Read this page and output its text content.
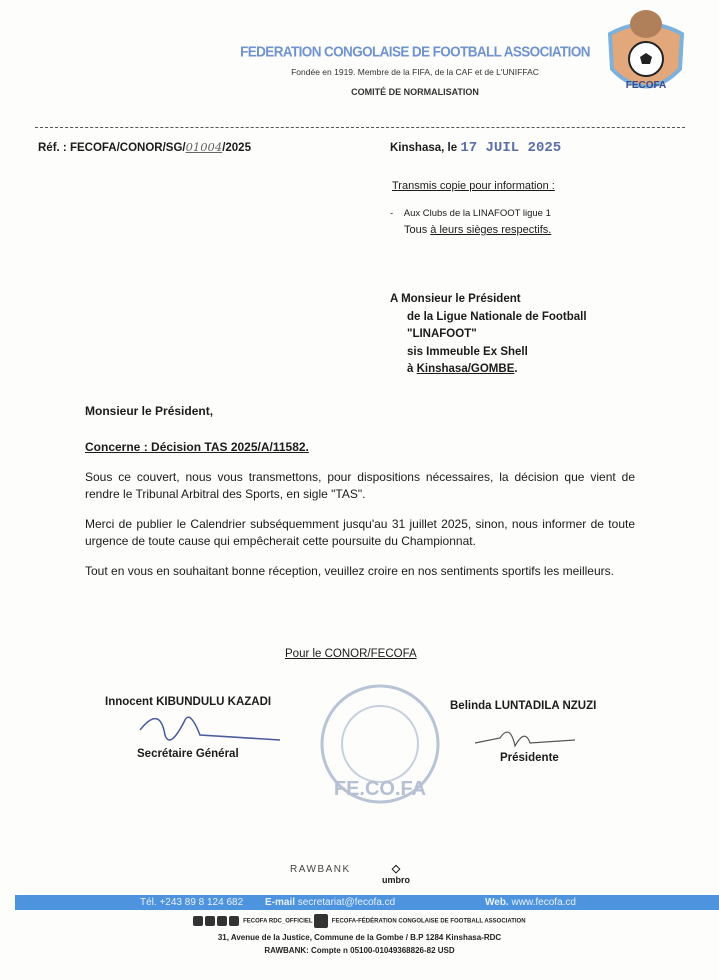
FEDERATION CONGOLAISE DE FOOTBALL ASSOCIATION
Fondée en 1919. Membre de la FIFA, de la CAF et de L'UNIFFAC
COMITÉ DE NORMALISATION
FECOFA
Réf. : FECOFA/CONOR/SG/01004/2025	Kinshasa, le 17 JUIL 2025
Transmis copie pour information :
-    Aux Clubs de la LINAFOOT ligue 1
Tous à leurs sièges respectifs.
A Monsieur le Président
de la Ligue Nationale de Football
"LINAFOOT"
sis Immeuble Ex Shell
à Kinshasa/GOMBE.

Monsieur le Président,

Concerne : Décision TAS 2025/A/11582.

Sous ce couvert, nous vous transmettons, pour dispositions nécessaires, la décision que vient de rendre le Tribunal Arbitral des Sports, en sigle "TAS".

Merci de publier le Calendrier subséquemment jusqu'au 31 juillet 2025, sinon, nous informer de toute urgence de toute cause qui empêcherait cette poursuite du Championnat.

Tout en vous en souhaitant bonne réception, veuillez croire en nos sentiments sportifs les meilleurs.

Pour le CONOR/FECOFA
Innocent KIBUNDULU KAZADI
Secrétaire Général
Belinda LUNTADILA NZUZI
Présidente
FE.CO.FA
RAWBANK	◇
umbro
Tél. +243 89 8 124 682 E-mail secretariat@fecofa.cd	Web. www.fecofa.cd
FECOFA RDC_OFFICIEL	FECOFA-FÉDÉRATION CONGOLAISE DE FOOTBALL ASSOCIATION
31, Avenue de la Justice, Commune de la Gombe / B.P 1284 Kinshasa-RDC
RAWBANK: Compte n 05100-01049368826-82 USD
